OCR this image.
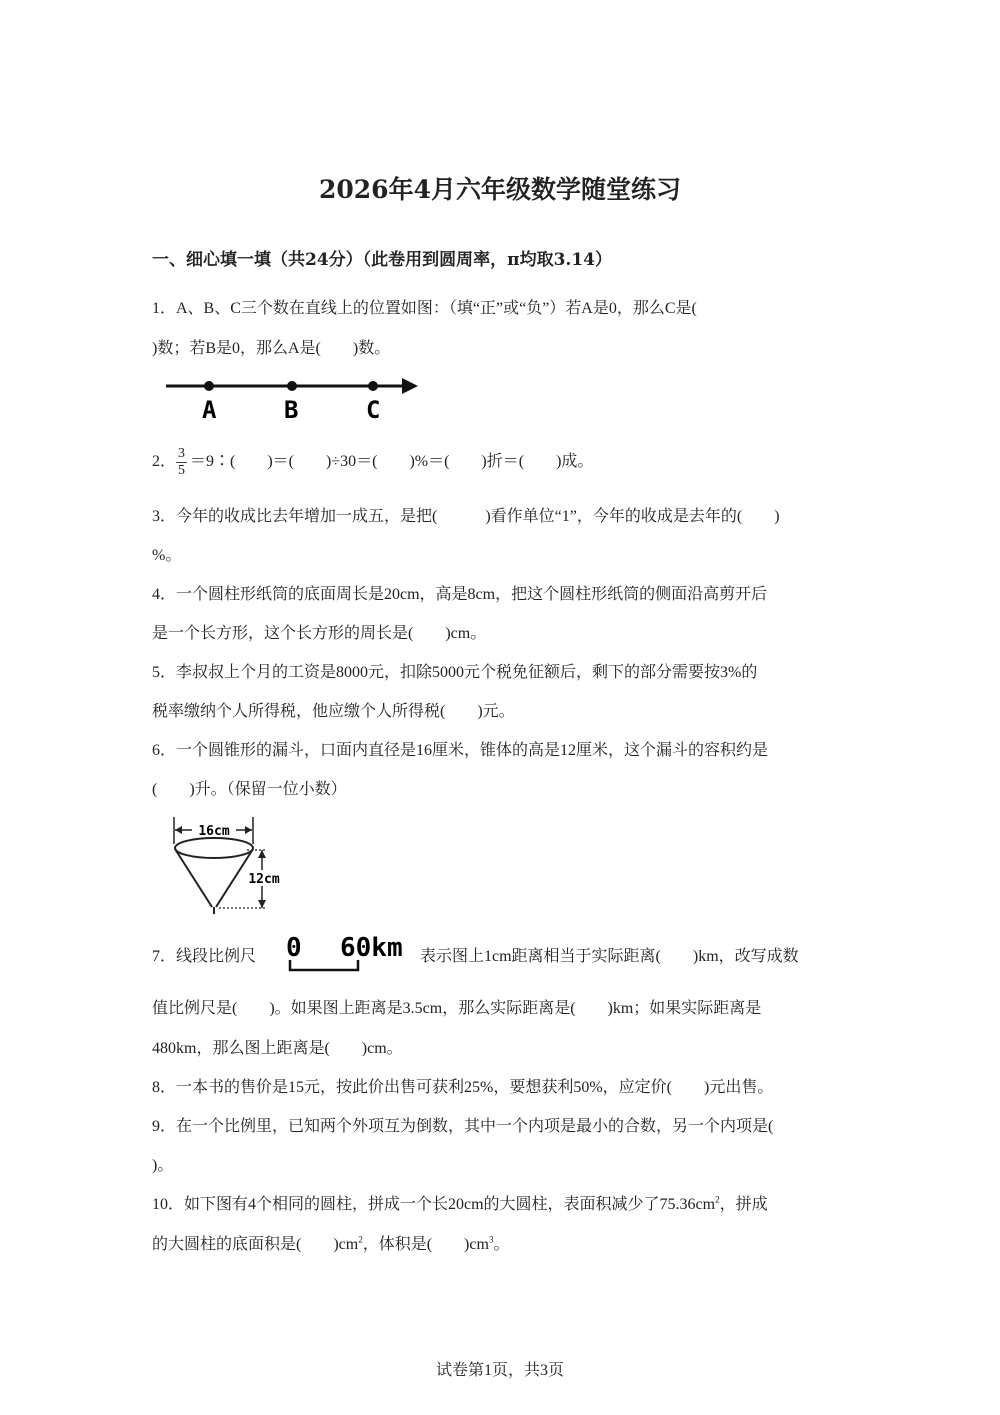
2026年4月六年级数学随堂练习
一、细心填一填（共24分）（此卷用到圆周率，π均取3.14）
1．A、B、C三个数在直线上的位置如图：（填“正”或“负”）若A是0，那么C是(
)数；若B是0，那么A是(　　)数。
A	B	C
2． $\frac{3}{5}$ ＝9∶(　　)＝(　　)÷30＝(　　)%＝(　　)折＝(　　)成。
3．今年的收成比去年增加一成五，是把(　　　)看作单位“1”，今年的收成是去年的(　　)
%。
4．一个圆柱形纸筒的底面周长是20cm，高是8cm，把这个圆柱形纸筒的侧面沿高剪开后
是一个长方形，这个长方形的周长是(　　)cm。
5．李叔叔上个月的工资是8000元，扣除5000元个税免征额后，剩下的部分需要按3%的
税率缴纳个人所得税，他应缴个人所得税(　　)元。
6．一个圆锥形的漏斗，口面内直径是16厘米，锥体的高是12厘米，这个漏斗的容积约是
(　　)升。（保留一位小数）
16cm
12cm
7．线段比例尺 0 60km 表示图上1cm距离相当于实际距离(　　)km，改写成数
值比例尺是(　　)。如果图上距离是3.5cm，那么实际距离是(　　)km；如果实际距离是
480km，那么图上距离是(　　)cm。
8．一本书的售价是15元，按此价出售可获利25%，要想获利50%，应定价(　　)元出售。
9．在一个比例里，已知两个外项互为倒数，其中一个内项是最小的合数，另一个内项是(
)。
10．如下图有4个相同的圆柱，拼成一个长20cm的大圆柱，表面积减少了$75.36cm^2$，拼成
的大圆柱的底面积是(　　)$cm^2$，体积是(　　)$cm^3$。
试卷第1页，共3页
